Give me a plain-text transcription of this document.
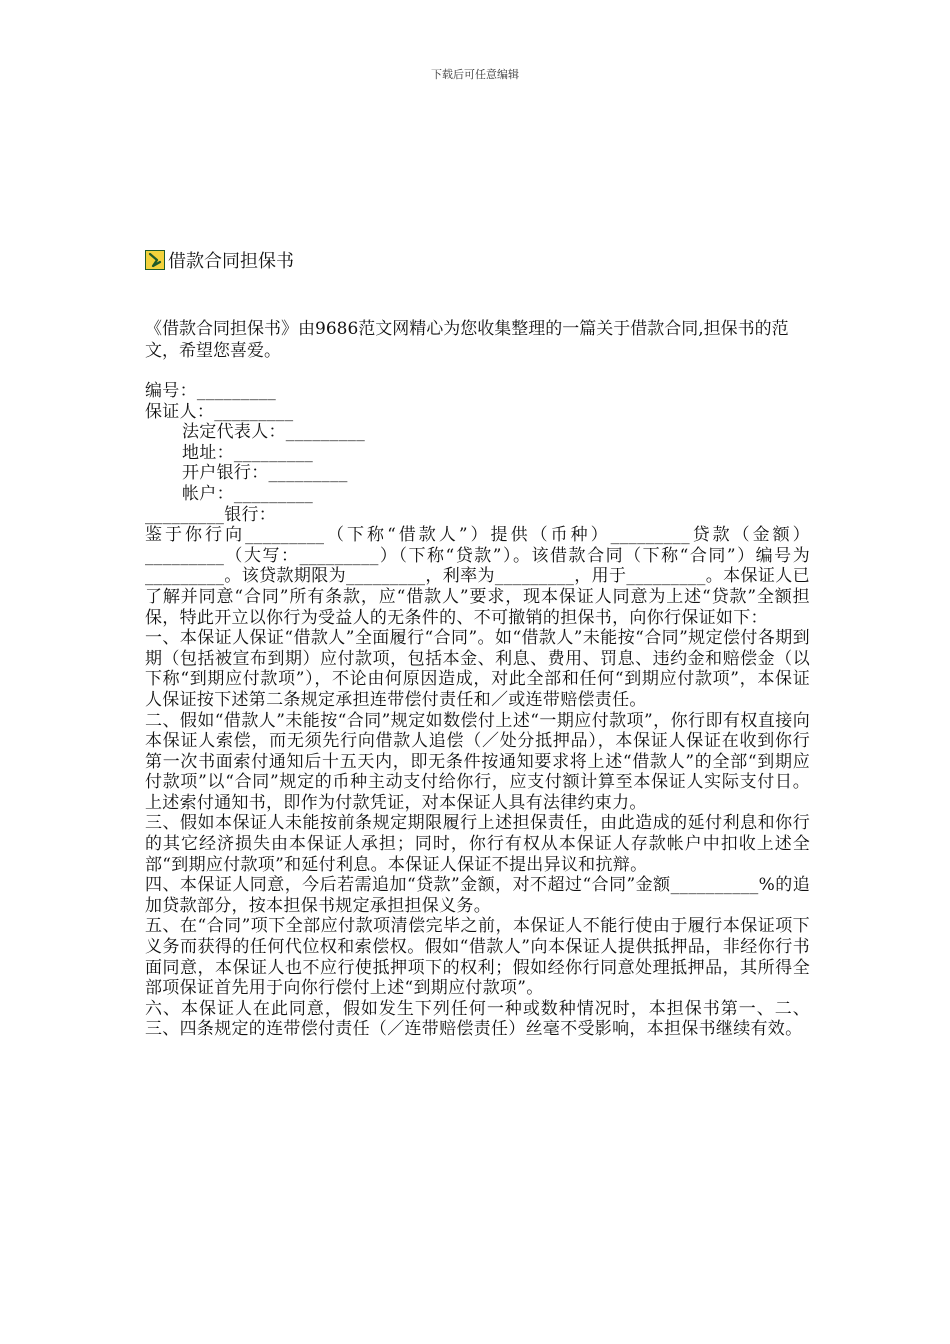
下载后可任意编辑
借款合同担保书
《借款合同担保书》由9686范文网精心为您收集整理的一篇关于借款合同,担保书的范文，希望您喜爱。
编号：_________
保证人：_________
法定代表人：_________
地址：_________
开户银行：_________
帐户：_________
_________银行：
鉴于你行向_________（下称“借款人”）提供（币种）_________贷款（金额）_________（大写：_________）（下称“贷款”）。该借款合同（下称“合同”）编号为_________。该贷款期限为_________，利率为_________，用于_________。本保证人已了解并同意“合同”所有条款，应“借款人”要求，现本保证人同意为上述“贷款”全额担保，特此开立以你行为受益人的无条件的、不可撤销的担保书，向你行保证如下：
一、本保证人保证“借款人”全面履行“合同”。如“借款人”未能按“合同”规定偿付各期到期（包括被宣布到期）应付款项，包括本金、利息、费用、罚息、违约金和赔偿金（以下称“到期应付款项”），不论由何原因造成，对此全部和任何“到期应付款项”，本保证人保证按下述第二条规定承担连带偿付责任和／或连带赔偿责任。
二、假如“借款人”未能按“合同”规定如数偿付上述“一期应付款项”，你行即有权直接向本保证人索偿，而无须先行向借款人追偿（／处分抵押品），本保证人保证在收到你行第一次书面索付通知后十五天内，即无条件按通知要求将上述“借款人”的全部“到期应付款项”以“合同”规定的币种主动支付给你行，应支付额计算至本保证人实际支付日。上述索付通知书，即作为付款凭证，对本保证人具有法律约束力。
三、假如本保证人未能按前条规定期限履行上述担保责任，由此造成的延付利息和你行的其它经济损失由本保证人承担；同时，你行有权从本保证人存款帐户中扣收上述全部“到期应付款项”和延付利息。本保证人保证不提出异议和抗辩。
四、本保证人同意，今后若需追加“贷款”金额，对不超过“合同”金额__________%的追加贷款部分，按本担保书规定承担担保义务。
五、在“合同”项下全部应付款项清偿完毕之前，本保证人不能行使由于履行本保证项下义务而获得的任何代位权和索偿权。假如“借款人”向本保证人提供抵押品，非经你行书面同意，本保证人也不应行使抵押项下的权利；假如经你行同意处理抵押品，其所得全部项保证首先用于向你行偿付上述“到期应付款项”。
六、本保证人在此同意，假如发生下列任何一种或数种情况时，本担保书第一、二、三、四条规定的连带偿付责任（／连带赔偿责任）丝毫不受影响，本担保书继续有效。
